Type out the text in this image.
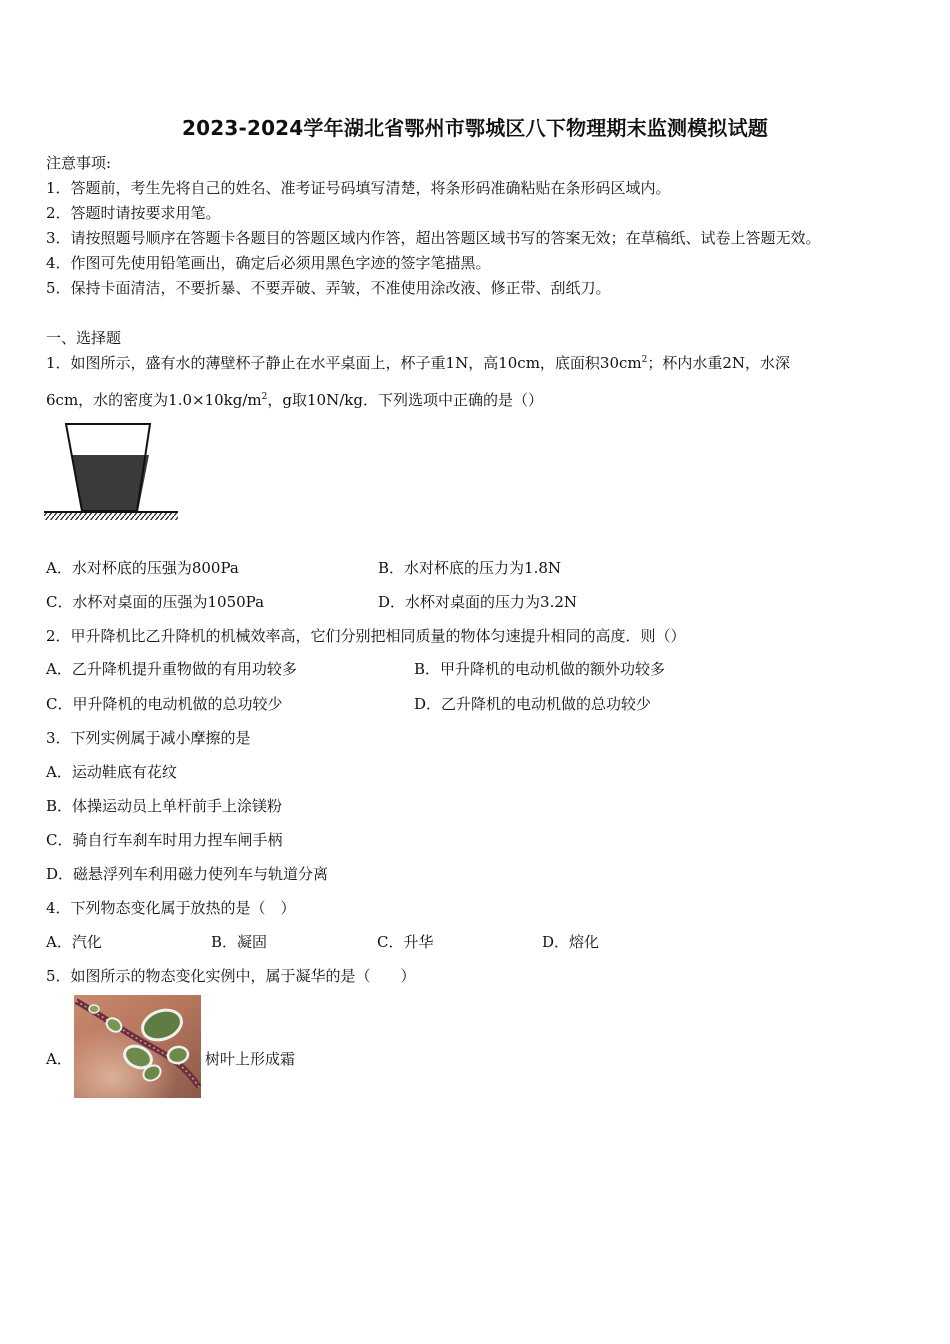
2023-2024学年湖北省鄂州市鄂城区八下物理期末监测模拟试题
注意事项:
1．答题前，考生先将自己的姓名、准考证号码填写清楚，将条形码准确粘贴在条形码区域内。
2．答题时请按要求用笔。
3．请按照题号顺序在答题卡各题目的答题区域内作答，超出答题区域书写的答案无效；在草稿纸、试卷上答题无效。
4．作图可先使用铅笔画出，确定后必须用黑色字迹的签字笔描黑。
5．保持卡面清洁，不要折暴、不要弄破、弄皱，不准使用涂改液、修正带、刮纸刀。
一、选择题
1．如图所示，盛有水的薄壁杯子静止在水平桌面上，杯子重1N，高10cm，底面积$30cm^2$；杯内水重2N，水深
6cm，水的密度为$1.0\times 10kg/m^2$，g取10N/kg．下列选项中正确的是（）
A．水对杯底的压强为800Pa	B．水对杯底的压力为1.8N
C．水杯对桌面的压强为1050Pa	D．水杯对桌面的压力为3.2N
2．甲升降机比乙升降机的机械效率高，它们分别把相同质量的物体匀速提升相同的高度．则（）
A．乙升降机提升重物做的有用功较多	B．甲升降机的电动机做的额外功较多
C．甲升降机的电动机做的总功较少	D．乙升降机的电动机做的总功较少
3．下列实例属于减小摩擦的是
A．运动鞋底有花纹
B．体操运动员上单杆前手上涂镁粉
C．骑自行车刹车时用力捏车闸手柄
D．磁悬浮列车利用磁力使列车与轨道分离
4．下列物态变化属于放热的是（　）
A．汽化	B．凝固	C．升华	D．熔化
5．如图所示的物态变化实例中，属于凝华的是（　　）
A．	树叶上形成霜
